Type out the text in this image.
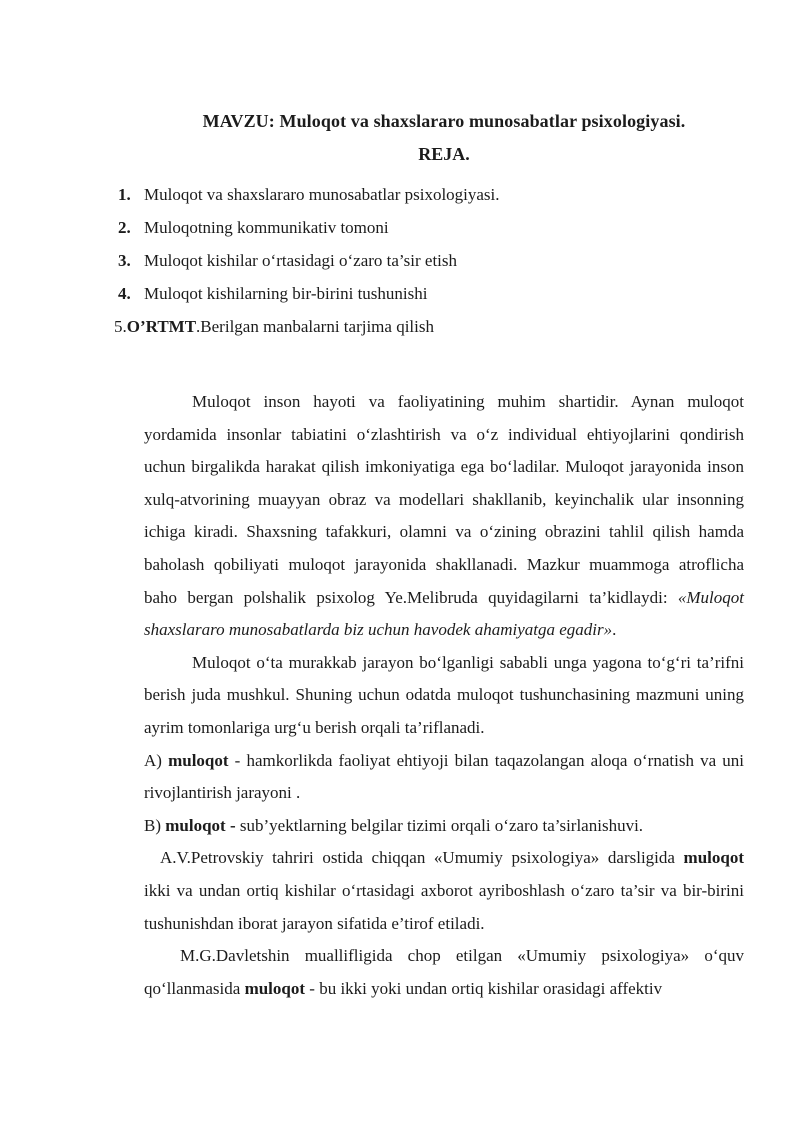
MAVZU: Muloqot va shaxslararo munosabatlar psixologiyasi.
REJA.
1. Muloqot va shaxslararo munosabatlar psixologiyasi.
2. Muloqotning kommunikativ tomoni
3. Muloqot kishilar o‘rtasidagi o‘zaro ta’sir etish
4. Muloqot kishilarning bir-birini tushunishi
5.O’RTMT.Berilgan manbalarni tarjima qilish

Muloqot inson hayoti va faoliyatining muhim shartidir. Aynan muloqot yordamida insonlar tabiatini o‘zlashtirish va o‘z individual ehtiyojlarini qondirish uchun birgalikda harakat qilish imkoniyatiga ega bo‘ladilar. Muloqot jarayonida inson xulq-atvorining muayyan obraz va modellari shakllanib, keyinchalik ular insonning ichiga kiradi. Shaxsning tafakkuri, olamni va o‘zining obrazini tahlil qilish hamda baholash qobiliyati muloqot jarayonida shakllanadi. Mazkur muammoga atroflicha baho bergan polshalik psixolog Ye.Melibruda quyidagilarni ta’kidlaydi: «Muloqot shaxslararo munosabatlarda biz uchun havodek ahamiyatga egadir».

Muloqot o‘ta murakkab jarayon bo‘lganligi sababli unga yagona to‘g‘ri ta’rifni berish juda mushkul. Shuning uchun odatda muloqot tushunchasining mazmuni uning ayrim tomonlariga urg‘u berish orqali ta’riflanadi.

A) muloqot - hamkorlikda faoliyat ehtiyoji bilan taqazolangan aloqa o‘rnatish va uni rivojlantirish jarayoni .

B) muloqot - sub’yektlarning belgilar tizimi orqali o‘zaro ta’sirlanishuvi.

A.V.Petrovskiy tahriri ostida chiqqan «Umumiy psixologiya» darsligida muloqot ikki va undan ortiq kishilar o‘rtasidagi axborot ayriboshlash o‘zaro ta’sir va bir-birini tushunishdan iborat jarayon sifatida e’tirof etiladi.

M.G.Davletshin muallifligida chop etilgan «Umumiy psixologiya» o‘quv qo‘llanmasida muloqot - bu ikki yoki undan ortiq kishilar orasidagi affektiv
